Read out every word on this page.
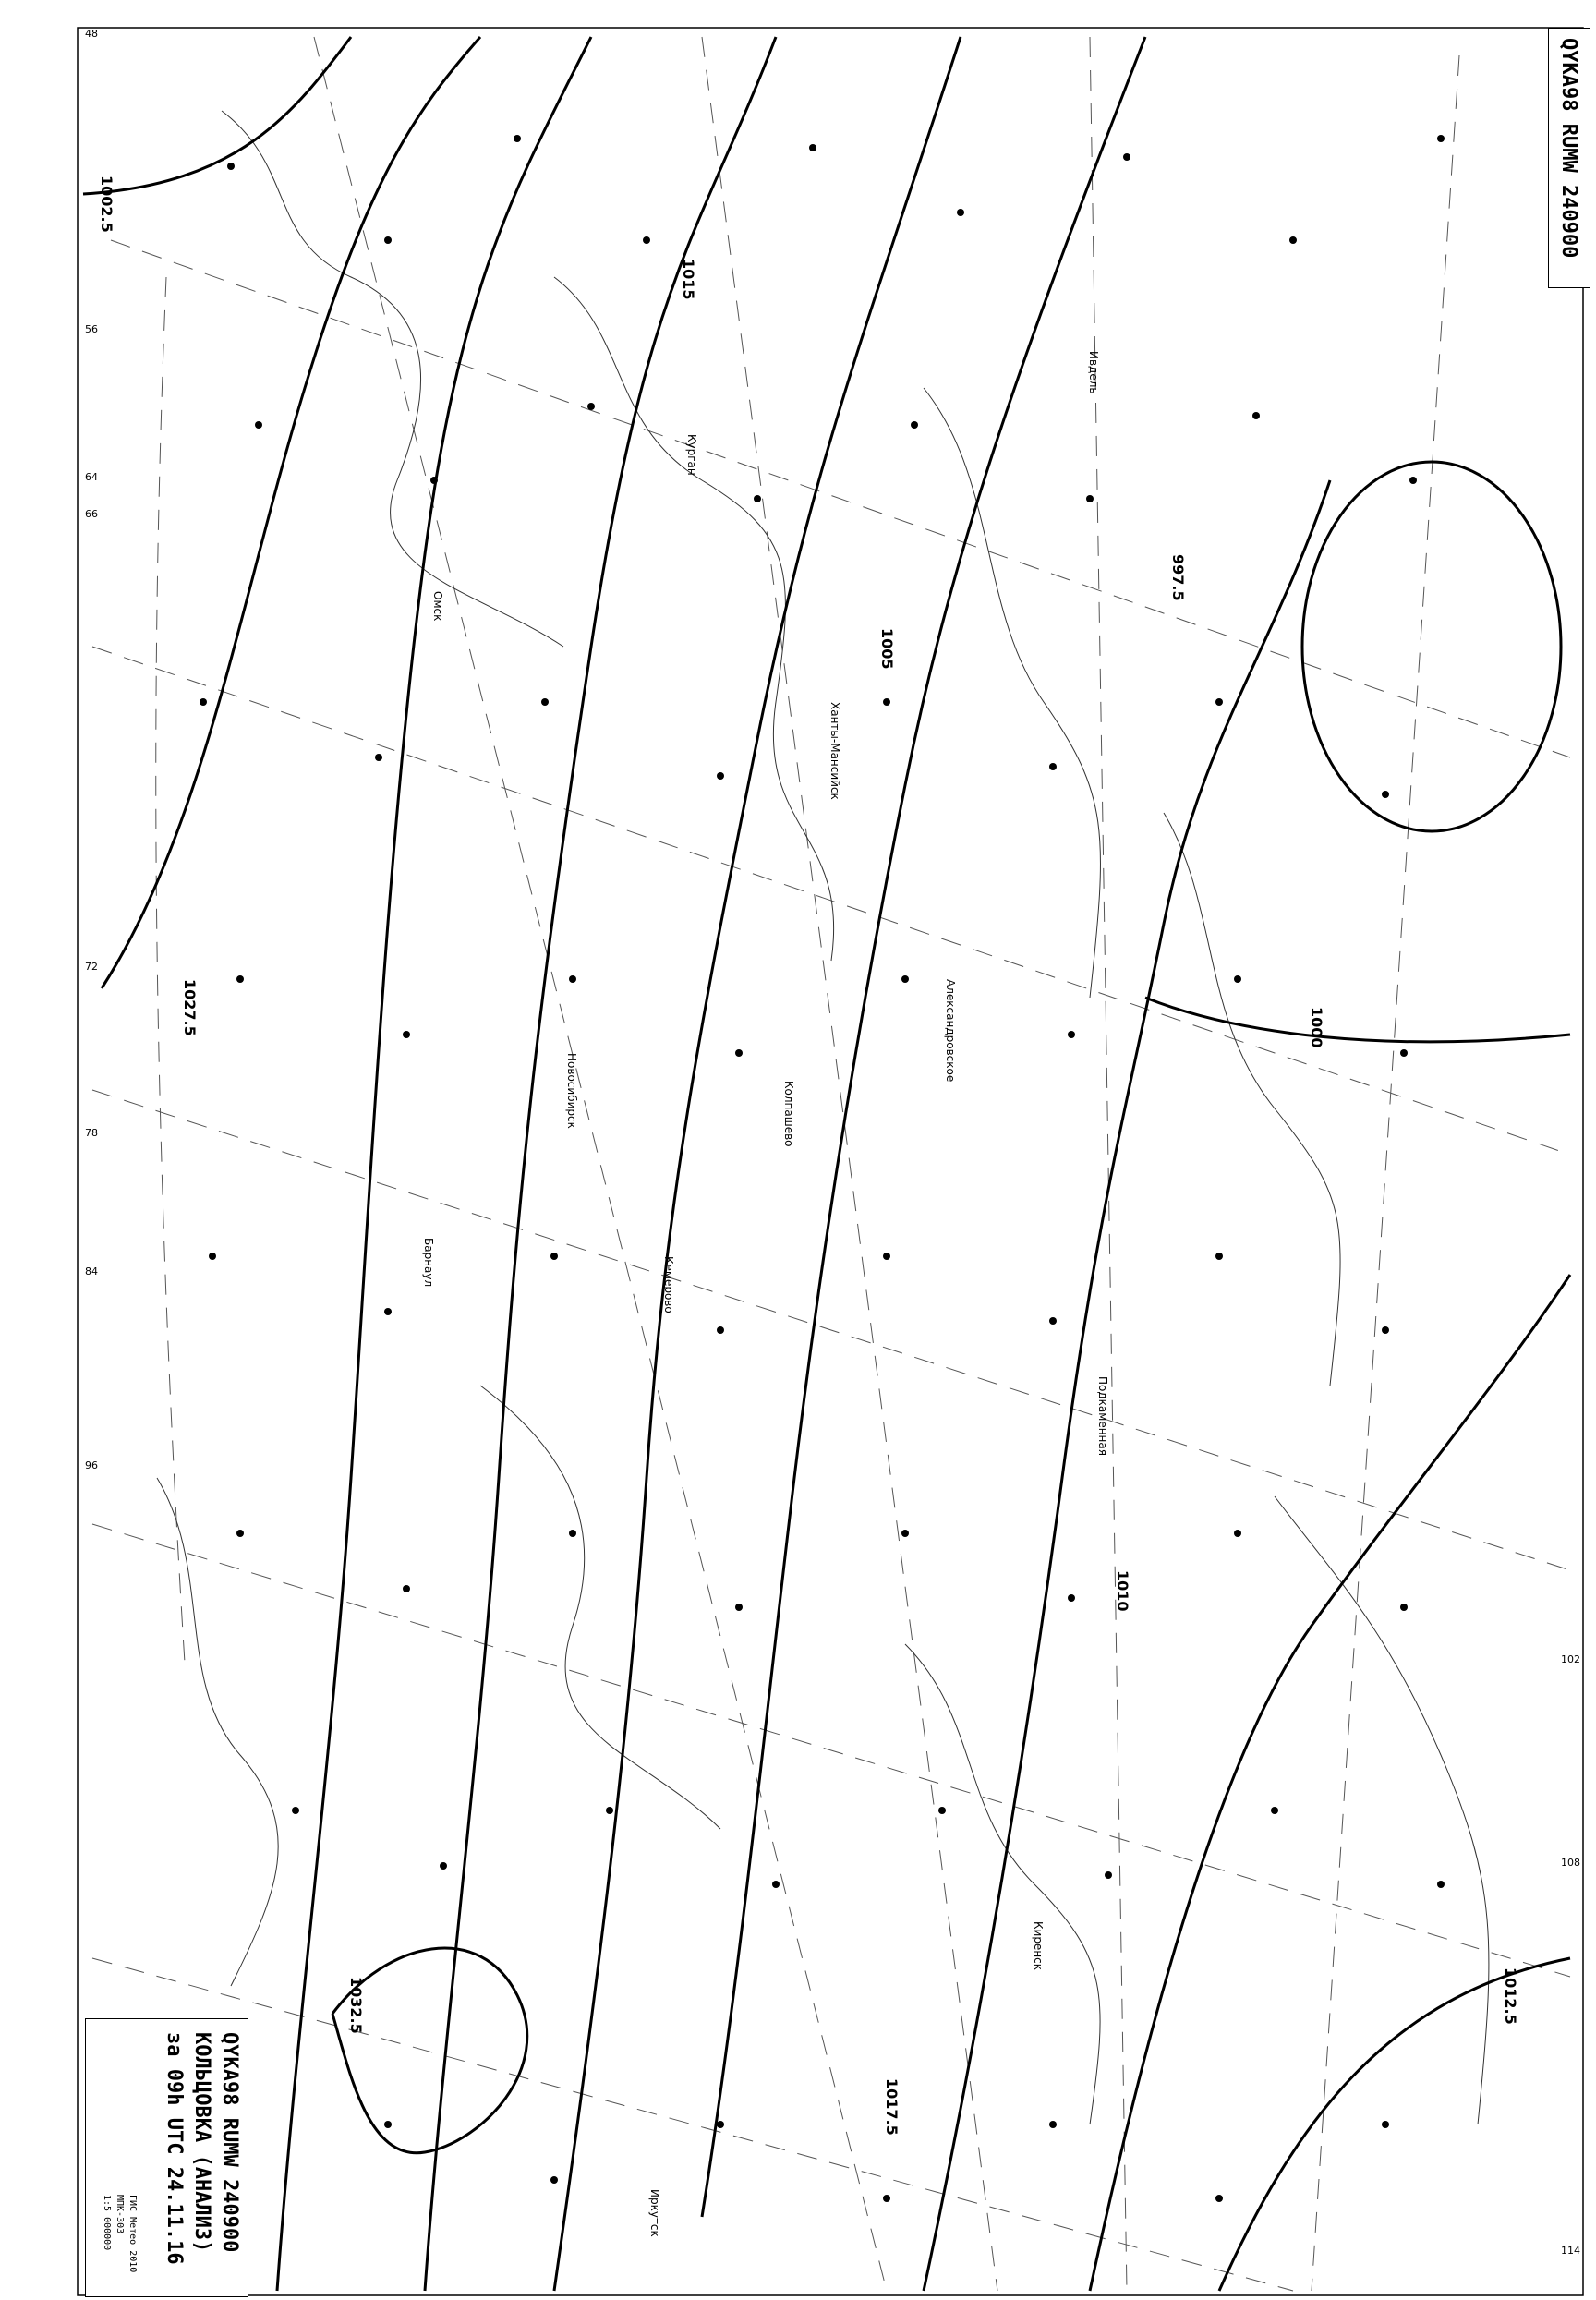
1002.5
1005
1010
1015
1017.5
1000
997.5
1012.5
1027.5
1032.5
Курган
Омск
Ивдель
Новосибирск
Барнаул	Кемерово
Колпашево
Александровское
Подкаменная
Иркутск
Киренск
Ханты-Мансийск
48
56
64
66
72
78
84
96
102
108
114
QYKA98 RUMW 240900
QYKA98 RUMW 240900
КОЛЬЦОВКА (АНАЛИЗ)
за 09h UTC 24.11.16
ГИС Метео 2010
МПК-303
1:5 000000
